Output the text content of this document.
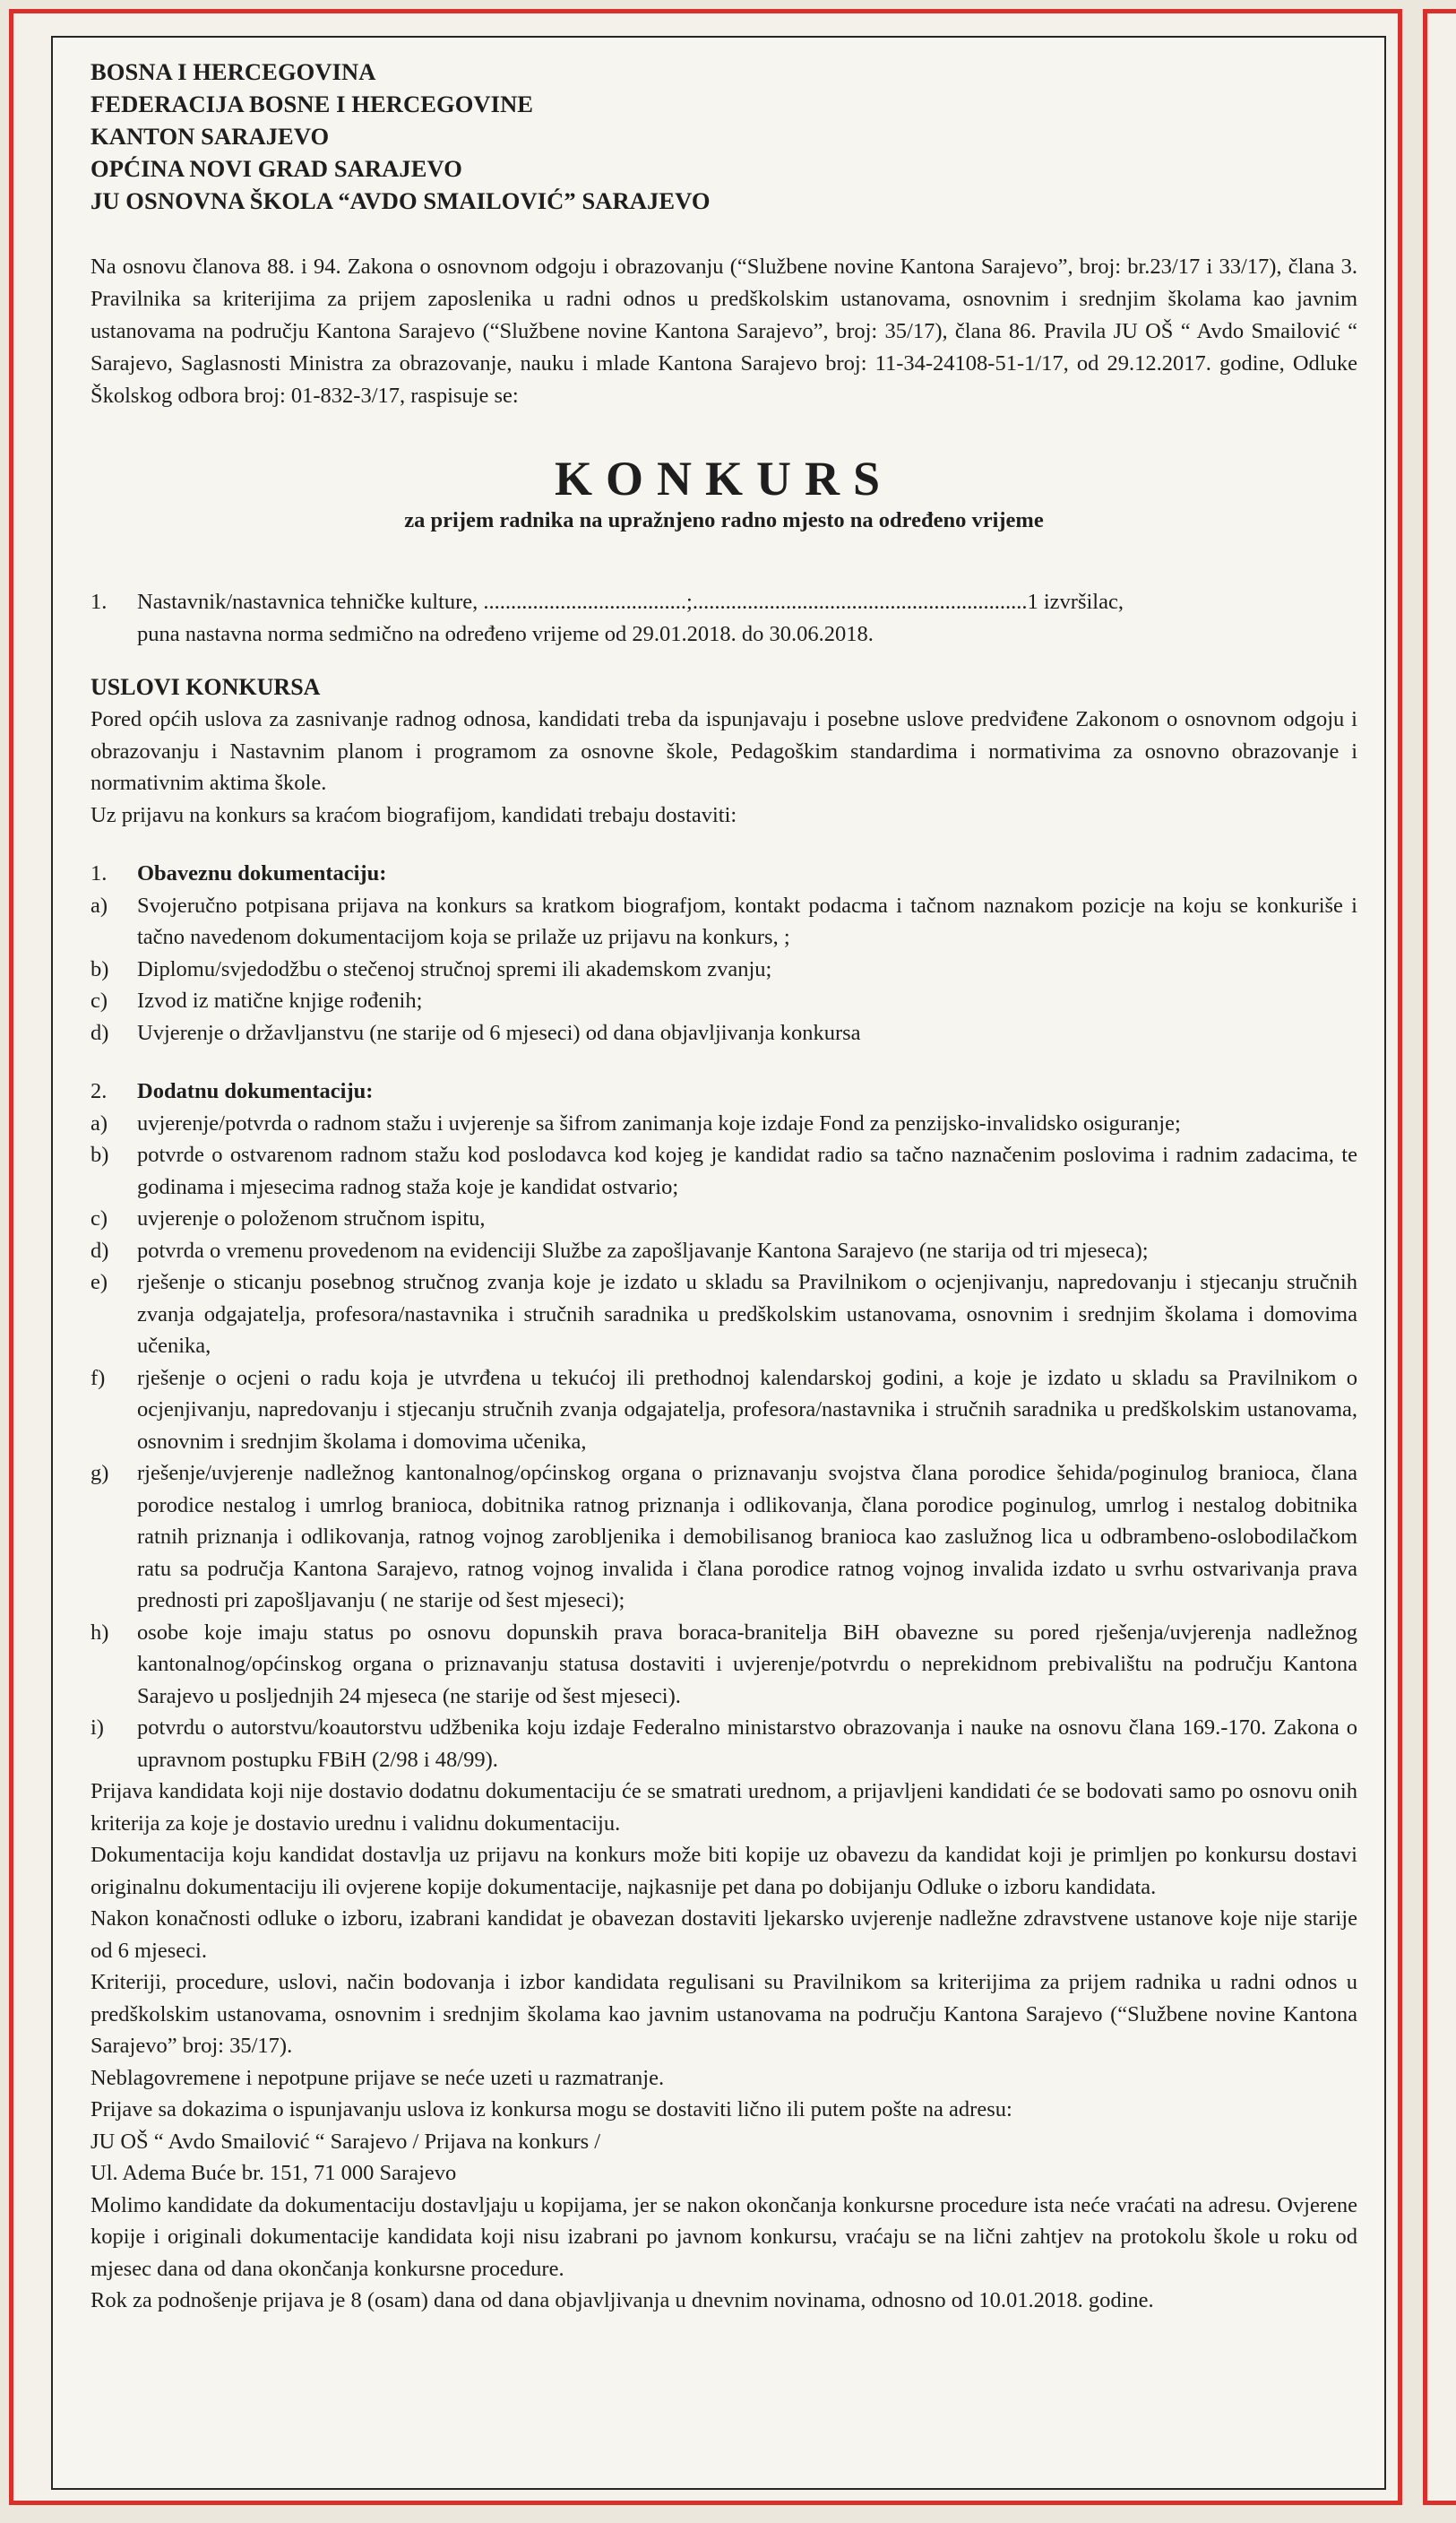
BOSNA I HERCEGOVINA
FEDERACIJA BOSNE I HERCEGOVINE
KANTON SARAJEVO
OPĆINA NOVI GRAD SARAJEVO
JU OSNOVNA ŠKOLA “AVDO SMAILOVIĆ” SARAJEVO
Na osnovu članova 88. i 94. Zakona o osnovnom odgoju i obrazovanju (“Službene novine Kantona Sarajevo”, broj: br.23/17 i 33/17), člana 3. Pravilnika sa kriterijima za prijem zaposlenika u radni odnos u predškolskim ustanovama, osnovnim i srednjim školama kao javnim ustanovama na području Kantona Sarajevo (“Službene novine Kantona Sarajevo”, broj: 35/17), člana 86. Pravila JU OŠ “ Avdo Smailović “ Sarajevo, Saglasnosti Ministra za obrazovanje, nauku i mlade Kantona Sarajevo broj: 11-34-24108-51-1/17, od 29.12.2017. godine, Odluke Školskog odbora broj: 01-832-3/17, raspisuje se:
KONKURS
za prijem radnika na upražnjeno radno mjesto na određeno vrijeme
1.	Nastavnik/nastavnica tehničke kulture, .....................................;.............................................................1 izvršilac,
puna nastavna norma sedmično na određeno vrijeme od 29.01.2018. do 30.06.2018.
USLOVI KONKURSA
Pored općih uslova za zasnivanje radnog odnosa, kandidati treba da ispunjavaju i posebne uslove predviđene Zakonom o osnovnom odgoju i obrazovanju i Nastavnim planom i programom za osnovne škole, Pedagoškim standardima i normativima za osnovno obrazovanje i normativnim aktima škole.
Uz prijavu na konkurs sa kraćom biografijom, kandidati trebaju dostaviti:
1.	Obaveznu dokumentaciju:
a)	Svojeručno potpisana prijava na konkurs sa kratkom biografjom, kontakt podacma i tačnom naznakom pozicje na koju se konkuriše i tačno navedenom dokumentacijom koja se prilaže uz prijavu na konkurs, ;
b)	Diplomu/svjedodžbu o stečenoj stručnoj spremi ili akademskom zvanju;
c)	Izvod iz matične knjige rođenih;
d)	Uvjerenje o državljanstvu (ne starije od 6 mjeseci) od dana objavljivanja konkursa
2.	Dodatnu dokumentaciju:
a)	uvjerenje/potvrda o radnom stažu i uvjerenje sa šifrom zanimanja koje izdaje Fond za penzijsko-invalidsko osiguranje;
b)	potvrde o ostvarenom radnom stažu kod poslodavca kod kojeg je kandidat radio sa tačno naznačenim poslovima i radnim zadacima, te godinama i mjesecima radnog staža koje je kandidat ostvario;
c)	uvjerenje o položenom stručnom ispitu,
d)	potvrda o vremenu provedenom na evidenciji Službe za zapošljavanje Kantona Sarajevo (ne starija od tri mjeseca);
e)	rješenje o sticanju posebnog stručnog zvanja koje je izdato u skladu sa Pravilnikom o ocjenjivanju, napredovanju i stjecanju stručnih zvanja odgajatelja, profesora/nastavnika i stručnih saradnika u predškolskim ustanovama, osnovnim i srednjim školama i domovima učenika,
f)	rješenje o ocjeni o radu koja je utvrđena u tekućoj ili prethodnoj kalendarskoj godini, a koje je izdato u skladu sa Pravilnikom o ocjenjivanju, napredovanju i stjecanju stručnih zvanja odgajatelja, profesora/nastavnika i stručnih saradnika u predškolskim ustanovama, osnovnim i srednjim školama i domovima učenika,
g)	rješenje/uvjerenje nadležnog kantonalnog/općinskog organa o priznavanju svojstva člana porodice šehida/poginulog branioca, člana porodice nestalog i umrlog branioca, dobitnika ratnog priznanja i odlikovanja, člana porodice poginulog, umrlog i nestalog dobitnika ratnih priznanja i odlikovanja, ratnog vojnog zarobljenika i demobilisanog branioca kao zaslužnog lica u odbrambeno-oslobodilačkom ratu sa područja Kantona Sarajevo, ratnog vojnog invalida i člana porodice ratnog vojnog invalida izdato u svrhu ostvarivanja prava prednosti pri zapošljavanju ( ne starije od šest mjeseci);
h)	osobe koje imaju status po osnovu dopunskih prava boraca-branitelja BiH obavezne su pored rješenja/uvjerenja nadležnog kantonalnog/općinskog organa o priznavanju statusa dostaviti i uvjerenje/potvrdu o neprekidnom prebivalištu na području Kantona Sarajevo u posljednjih 24 mjeseca (ne starije od šest mjeseci).
i)	potvrdu o autorstvu/koautorstvu udžbenika koju izdaje Federalno ministarstvo obrazovanja i nauke na osnovu člana 169.-170. Zakona o upravnom postupku FBiH (2/98 i 48/99).
Prijava kandidata koji nije dostavio dodatnu dokumentaciju će se smatrati urednom, a prijavljeni kandidati će se bodovati samo po osnovu onih kriterija za koje je dostavio urednu i validnu dokumentaciju.
Dokumentacija koju kandidat dostavlja uz prijavu na konkurs može biti kopije uz obavezu da kandidat koji je primljen po konkursu dostavi originalnu dokumentaciju ili ovjerene kopije dokumentacije, najkasnije pet dana po dobijanju Odluke o izboru kandidata.
Nakon konačnosti odluke o izboru, izabrani kandidat je obavezan dostaviti ljekarsko uvjerenje nadležne zdravstvene ustanove koje nije starije od 6 mjeseci.
Kriteriji, procedure, uslovi, način bodovanja i izbor kandidata regulisani su Pravilnikom sa kriterijima za prijem radnika u radni odnos u predškolskim ustanovama, osnovnim i srednjim školama kao javnim ustanovama na području Kantona Sarajevo (“Službene novine Kantona Sarajevo” broj: 35/17).
Neblagovremene i nepotpune prijave se neće uzeti u razmatranje.
Prijave sa dokazima o ispunjavanju uslova iz konkursa mogu se dostaviti lično ili putem pošte na adresu:
JU OŠ “ Avdo Smailović “ Sarajevo / Prijava na konkurs /
Ul. Adema Buće br. 151, 71 000 Sarajevo
Molimo kandidate da dokumentaciju dostavljaju u kopijama, jer se nakon okončanja konkursne procedure ista neće vraćati na adresu. Ovjerene kopije i originali dokumentacije kandidata koji nisu izabrani po javnom konkursu, vraćaju se na lični zahtjev na protokolu škole u roku od mjesec dana od dana okončanja konkursne procedure.
Rok za podnošenje prijava je 8 (osam) dana od dana objavljivanja u dnevnim novinama, odnosno od 10.01.2018. godine.
